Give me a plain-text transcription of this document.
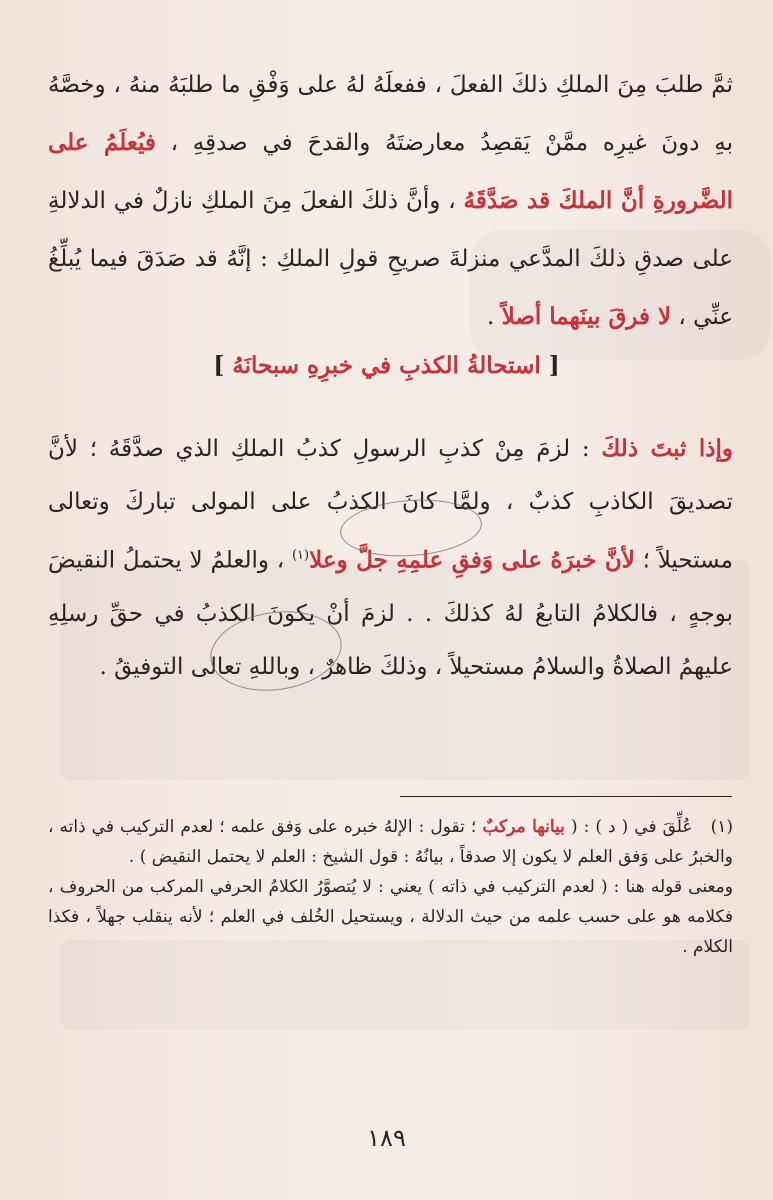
ثمَّ طلبَ مِنَ الملكِ ذلكَ الفعلَ ، ففعلَهُ لهُ على وَفْقِ ما طلبَهُ منهُ ، وخصَّهُ بهِ دونَ غيرِه ممَّنْ يَقصِدُ معارضتَهُ والقدحَ في صدقِهِ ، فيُعلَمُ على الضَّرورةِ أنَّ الملكَ قد صَدَّقَهُ ، وأنَّ ذلكَ الفعلَ مِنَ الملكِ نازلٌ في الدلالةِ على صدقِ ذلكَ المدَّعي منزلةَ صريحِ قولِ الملكِ : إنَّهُ قد صَدَقَ فيما يُبلِّغُ عنِّي ، لا فرقَ بينَهما أصلاً .
[ استحالةُ الكذبِ في خبرِهِ سبحانَهُ ]
وإذا ثبتَ ذلكَ : لزمَ مِنْ كذبِ الرسولِ كذبُ الملكِ الذي صدَّقَهُ ؛ لأنَّ تصديقَ الكاذبِ كذبٌ ، ولمَّا كانَ الكذبُ على المولى تباركَ وتعالى مستحيلاً ؛ لأنَّ خبرَهُ على وَفقِ علمِهِ جلَّ وعلا$^{(١)}$ ، والعلمُ لا يحتملُ النقيضَ بوجهٍ ، فالكلامُ التابعُ لهُ كذلكَ . . لزمَ أنْ يكونَ الكذبُ في حقِّ رسلِهِ عليهمُ الصلاةُ والسلامُ مستحيلاً ، وذلكَ ظاهرٌ ، وباللهِ تعالى التوفيقُ .

(١)عُلِّقَ في ( د ) : ( بيانها مركبٌ ؛ تقول : الإلهُ خبره على وَفق علمه ؛ لعدم التركيب في ذاته ، والخبرُ على وَفق العلم لا يكون إلا صدقاً ، بيانُهُ : قول الشيخ : العلم لا يحتمل النقيض ) .

ومعنى قوله هنا : ( لعدم التركيب في ذاته ) يعني : لا يُتصوَّرُ الكلامُ الحرفي المركب من الحروف ، فكلامه هو على حسب علمه من حيث الدلالة ، ويستحيل الخُلف في العلم ؛ لأنه ينقلب جهلاً ، فكذا الكلام .

١٨٩
